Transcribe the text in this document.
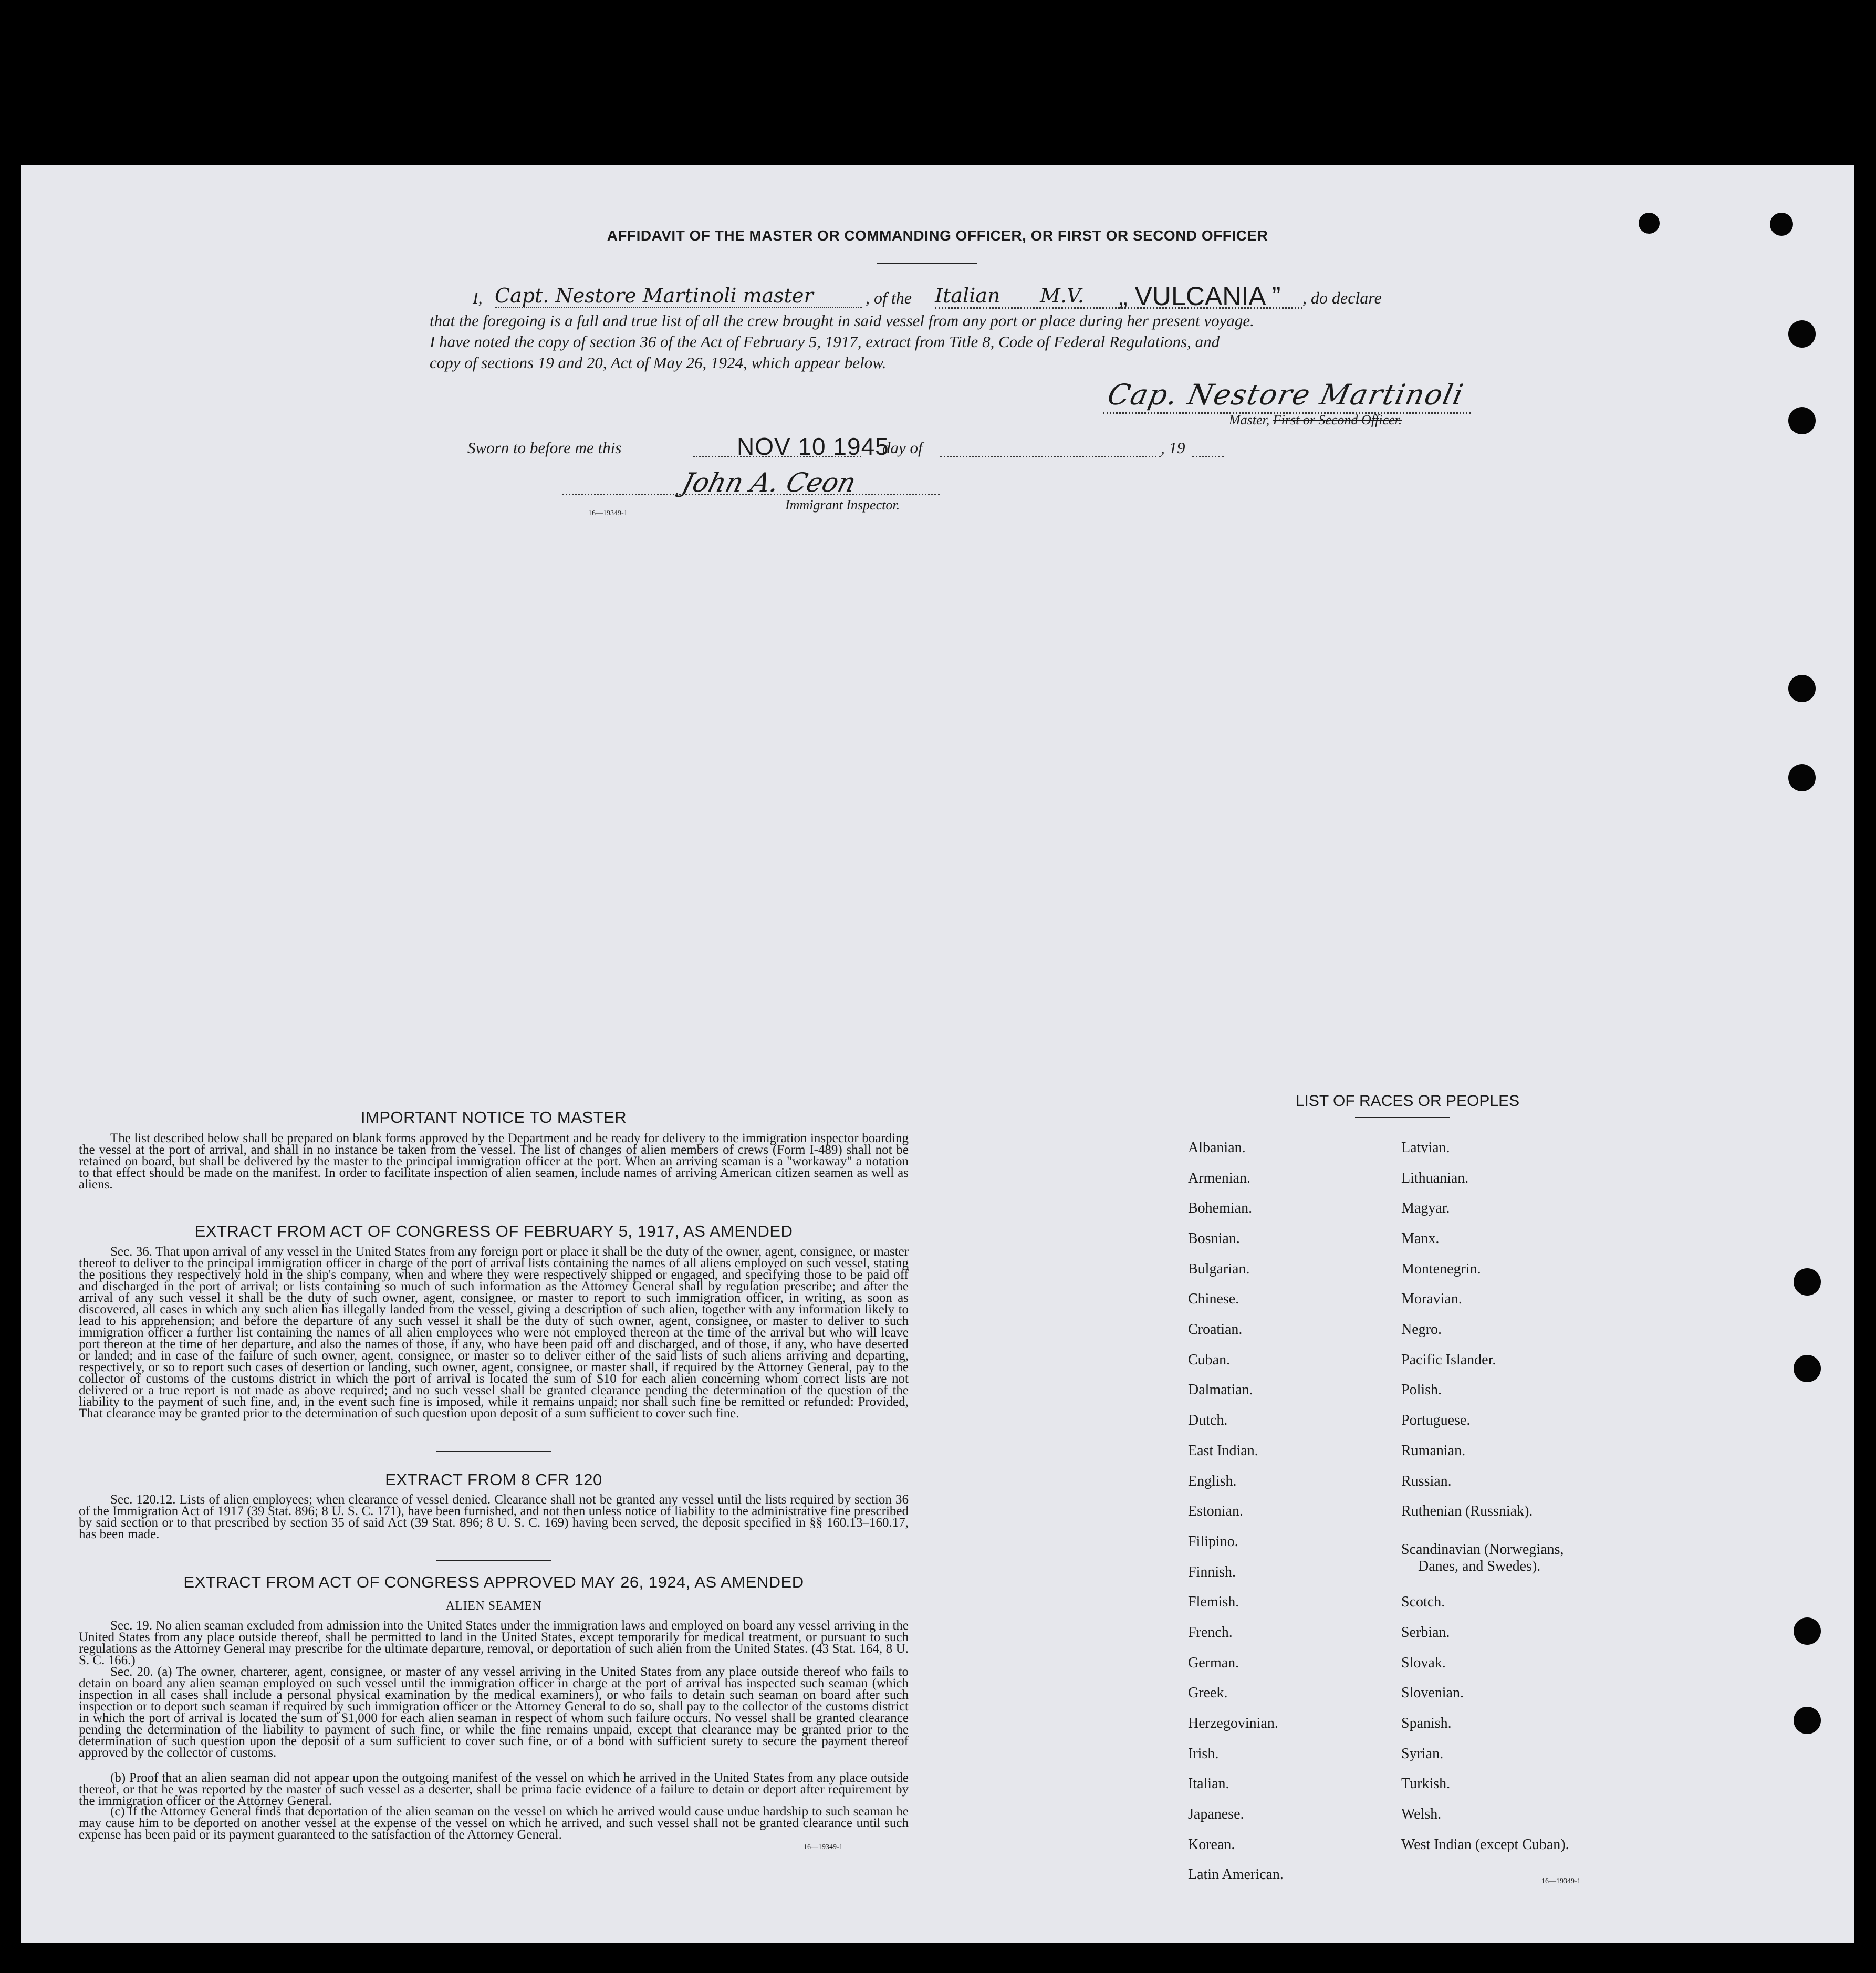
AFFIDAVIT OF THE MASTER OR COMMANDING OFFICER, OR FIRST OR SECOND OFFICER
I, Capt. Nestore Martinoli master	, of the Italian	M.V. „ VULCANIA ” , do declare
that the foregoing is a full and true list of all the crew brought in said vessel from any port or place during her present voyage.
I have noted the copy of section 36 of the Act of February 5, 1917, extract from Title 8, Code of Federal Regulations, and
copy of sections 19 and 20, Act of May 26, 1924, which appear below.
Cap. Nestore Martinoli
Master, First or Second Officer.
Sworn to before me this	NOV 10 1945
day of	, 19
John A. Ceon
16—19349-1
Immigrant Inspector.
IMPORTANT NOTICE TO MASTER
The list described below shall be prepared on blank forms approved by the Department and be ready for delivery to the immigration inspector boarding the vessel at the port of arrival, and shall in no instance be taken from the vessel. The list of changes of alien members of crews (Form I-489) shall not be retained on board, but shall be delivered by the master to the principal immigration officer at the port. When an arriving seaman is a "workaway" a notation to that effect should be made on the manifest. In order to facilitate inspection of alien seamen, include names of arriving American citizen seamen as well as aliens.
EXTRACT FROM ACT OF CONGRESS OF FEBRUARY 5, 1917, AS AMENDED
Sec. 36. That upon arrival of any vessel in the United States from any foreign port or place it shall be the duty of the owner, agent, consignee, or master thereof to deliver to the principal immigration officer in charge of the port of arrival lists containing the names of all aliens employed on such vessel, stating the positions they respectively hold in the ship's company, when and where they were respectively shipped or engaged, and specifying those to be paid off and discharged in the port of arrival; or lists containing so much of such information as the Attorney General shall by regulation prescribe; and after the arrival of any such vessel it shall be the duty of such owner, agent, consignee, or master to report to such immigration officer, in writing, as soon as discovered, all cases in which any such alien has illegally landed from the vessel, giving a description of such alien, together with any information likely to lead to his apprehension; and before the departure of any such vessel it shall be the duty of such owner, agent, consignee, or master to deliver to such immigration officer a further list containing the names of all alien employees who were not employed thereon at the time of the arrival but who will leave port thereon at the time of her departure, and also the names of those, if any, who have been paid off and discharged, and of those, if any, who have deserted or landed; and in case of the failure of such owner, agent, consignee, or master so to deliver either of the said lists of such aliens arriving and departing, respectively, or so to report such cases of desertion or landing, such owner, agent, consignee, or master shall, if required by the Attorney General, pay to the collector of customs of the customs district in which the port of arrival is located the sum of $10 for each alien concerning whom correct lists are not delivered or a true report is not made as above required; and no such vessel shall be granted clearance pending the determination of the question of the liability to the payment of such fine, and, in the event such fine is imposed, while it remains unpaid; nor shall such fine be remitted or refunded: Provided, That clearance may be granted prior to the determination of such question upon deposit of a sum sufficient to cover such fine.
EXTRACT FROM 8 CFR 120
Sec. 120.12. Lists of alien employees; when clearance of vessel denied. Clearance shall not be granted any vessel until the lists required by section 36 of the Immigration Act of 1917 (39 Stat. 896; 8 U. S. C. 171), have been furnished, and not then unless notice of liability to the administrative fine prescribed by said section or to that prescribed by section 35 of said Act (39 Stat. 896; 8 U. S. C. 169) having been served, the deposit specified in §§ 160.13–160.17, has been made.
EXTRACT FROM ACT OF CONGRESS APPROVED MAY 26, 1924, AS AMENDED
ALIEN SEAMEN
Sec. 19. No alien seaman excluded from admission into the United States under the immigration laws and employed on board any vessel arriving in the United States from any place outside thereof, shall be permitted to land in the United States, except temporarily for medical treatment, or pursuant to such regulations as the Attorney General may prescribe for the ultimate departure, removal, or deportation of such alien from the United States. (43 Stat. 164, 8 U. S. C. 166.)
Sec. 20. (a) The owner, charterer, agent, consignee, or master of any vessel arriving in the United States from any place outside thereof who fails to detain on board any alien seaman employed on such vessel until the immigration officer in charge at the port of arrival has inspected such seaman (which inspection in all cases shall include a personal physical examination by the medical examiners), or who fails to detain such seaman on board after such inspection or to deport such seaman if required by such immigration officer or the Attorney General to do so, shall pay to the collector of the customs district in which the port of arrival is located the sum of $1,000 for each alien seaman in respect of whom such failure occurs. No vessel shall be granted clearance pending the determination of the liability to payment of such fine, or while the fine remains unpaid, except that clearance may be granted prior to the determination of such question upon the deposit of a sum sufficient to cover such fine, or of a bond with sufficient surety to secure the payment thereof approved by the collector of customs.
(b) Proof that an alien seaman did not appear upon the outgoing manifest of the vessel on which he arrived in the United States from any place outside thereof, or that he was reported by the master of such vessel as a deserter, shall be prima facie evidence of a failure to detain or deport after requirement by the immigration officer or the Attorney General.
(c) If the Attorney General finds that deportation of the alien seaman on the vessel on which he arrived would cause undue hardship to such seaman he may cause him to be deported on another vessel at the expense of the vessel on which he arrived, and such vessel shall not be granted clearance until such expense has been paid or its payment guaranteed to the satisfaction of the Attorney General.
16—19349-1
LIST OF RACES OR PEOPLES
Albanian.
Armenian.
Bohemian.
Bosnian.
Bulgarian.
Chinese.
Croatian.
Cuban.
Dalmatian.
Dutch.
East Indian.
English.
Estonian.
Filipino.
Finnish.
Flemish.
French.
German.
Greek.
Herzegovinian.
Irish.
Italian.
Japanese.
Korean.
Latin American.
Latvian.
Lithuanian.
Magyar.
Manx.
Montenegrin.
Moravian.
Negro.
Pacific Islander.
Polish.
Portuguese.
Rumanian.
Russian.
Ruthenian (Russniak).
Scandinavian (Norwegians,
Danes, and Swedes).
Scotch.
Serbian.
Slovak.
Slovenian.
Spanish.
Syrian.
Turkish.
Welsh.
West Indian (except Cuban).
16—19349-1
